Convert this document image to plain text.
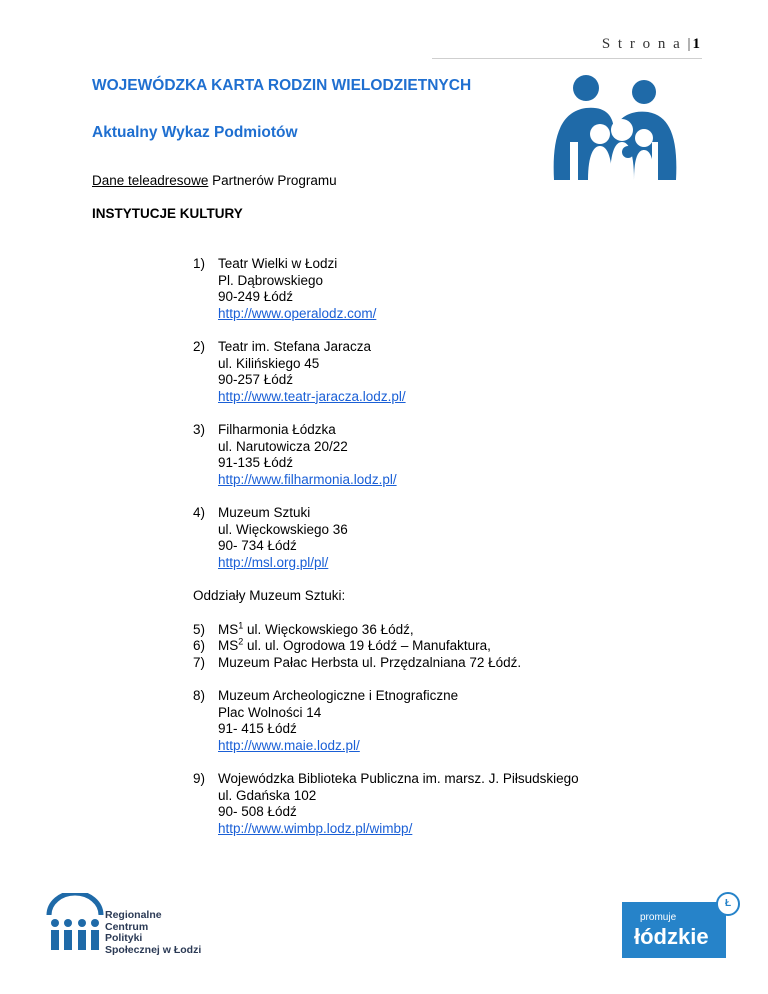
S t r o n a |1
WOJEWÓDZKA KARTA RODZIN WIELODZIETNYCH
Aktualny Wykaz Podmiotów
Dane teleadresowe Partnerów Programu
INSTYTUCJE KULTURY
1) Teatr Wielki w Łodzi
Pl. Dąbrowskiego
90-249 Łódź
http://www.operalodz.com/
2) Teatr im. Stefana Jaracza
ul. Kilińskiego 45
90-257 Łódź
http://www.teatr-jaracza.lodz.pl/
3) Filharmonia Łódzka
ul. Narutowicza 20/22
91-135 Łódź
http://www.filharmonia.lodz.pl/
4) Muzeum Sztuki
ul. Więckowskiego 36
90- 734 Łódź
http://msl.org.pl/pl/
Oddziały Muzeum Sztuki:
5) $MS^1$ ul. Więckowskiego 36 Łódź,
6) $MS^2$ ul. ul. Ogrodowa 19 Łódź – Manufaktura,
7) Muzeum Pałac Herbsta ul. Przędzalniana 72 Łódź.
8) Muzeum Archeologiczne i Etnograficzne
Plac Wolności 14
91- 415 Łódź
http://www.maie.lodz.pl/
9) Wojewódzka Biblioteka Publiczna im. marsz. J. Piłsudskiego
ul. Gdańska 102
90- 508 Łódź
http://www.wimbp.lodz.pl/wimbp/
Regionalne
Centrum
Polityki
Społecznej w Łodzi
promuje
łódzkie
Ł
